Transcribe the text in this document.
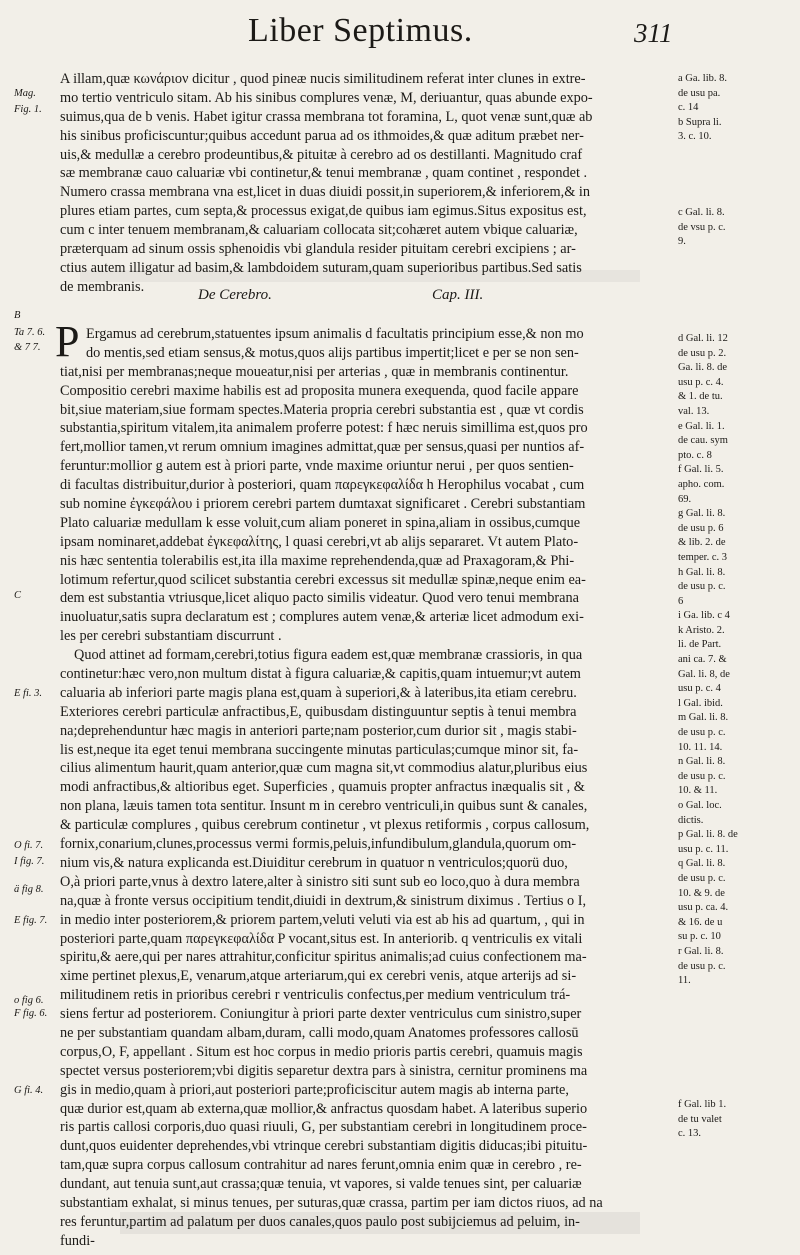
Liber Septimus.	311
A illam,quæ κωνάριον dicitur , quod pineæ nucis similitudinem referat inter clunes in extre-
mo tertio ventriculo sitam. Ab his sinibus complures venæ, M, deriuantur, quas abunde expo-
suimus,qua de b venis. Habet igitur crassa membrana tot foramina, L, quot venæ sunt,quæ ab
his sinibus proficiscuntur;quibus accedunt parua ad os ithmoides,& quæ aditum præbet ner-
uis,& medullæ a cerebro prodeuntibus,& pituitæ à cerebro ad os destillanti. Magnitudo craf
sæ membranæ cauo caluariæ vbi continetur,& tenui membranæ , quam continet , respondet .
Numero crassa membrana vna est,licet in duas diuidi possit,in superiorem,& inferiorem,& in
plures etiam partes, cum septa,& processus exigat,de quibus iam egimus.Situs expositus est,
cum c inter tenuem membranam,& caluariam collocata sit;cohæret autem vbique caluariæ,
præterquam ad sinum ossis sphenoidis vbi glandula resider pituitam cerebri excipiens ; ar-
ctius autem illigatur ad basim,& lambdoidem suturam,quam superioribus partibus.Sed satis
de membranis.
De Cerebro.	Cap. III.
P Ergamus ad cerebrum,statuentes ipsum animalis d facultatis principium esse,& non mo
do mentis,sed etiam sensus,& motus,quos alijs partibus impertit;licet e per se non sen-
tiat,nisi per membranas;neque moueatur,nisi per arterias , quæ in membranis continentur.
Compositio cerebri maxime habilis est ad proposita munera exequenda, quod facile appare
bit,siue materiam,siue formam spectes.Materia propria cerebri substantia est , quæ vt cordis
substantia,spiritum vitalem,ita animalem proferre potest: f hæc neruis simillima est,quos pro
fert,mollior tamen,vt rerum omnium imagines admittat,quæ per sensus,quasi per nuntios af-
feruntur:mollior g autem est à priori parte, vnde maxime oriuntur nerui , per quos sentien-
di facultas distribuitur,durior à posteriori, quam παρεγκεφαλίδα h Herophilus vocabat , cum
sub nomine ἐγκεφάλου i priorem cerebri partem dumtaxat significaret . Cerebri substantiam
Plato caluariæ medullam k esse voluit,cum aliam poneret in spina,aliam in ossibus,cumque
ipsam nominaret,addebat ἐγκεφαλίτης, l quasi cerebri,vt ab alijs separaret. Vt autem Plato-
nis hæc sententia tolerabilis est,ita illa maxime reprehendenda,quæ ad Praxagoram,& Phi-
lotimum refertur,quod scilicet substantia cerebri excessus sit medullæ spinæ,neque enim ea-
dem est substantia vtriusque,licet aliquo pacto similis videatur. Quod vero tenui membrana
inuoluatur,satis supra declaratum est ; complures autem venæ,& arteriæ licet admodum exi-
les per cerebri substantiam discurrunt .
Quod attinet ad formam,cerebri,totius figura eadem est,quæ membranæ crassioris, in qua
continetur:hæc vero,non multum distat à figura caluariæ,& capitis,quam intuemur;vt autem
caluaria ab inferiori parte magis plana est,quam à superiori,& à lateribus,ita etiam cerebru.
Exteriores cerebri particulæ anfractibus,E, quibusdam distinguuntur septis à tenui membra
na;deprehenduntur hæc magis in anteriori parte;nam posterior,cum durior sit , magis stabi-
lis est,neque ita eget tenui membrana succingente minutas particulas;cumque minor sit, fa-
cilius alimentum haurit,quam anterior,quæ cum magna sit,vt commodius alatur,pluribus eius
modi anfractibus,& altioribus eget. Superficies , quamuis propter anfractus inæqualis sit , &
non plana, læuis tamen tota sentitur. Insunt m in cerebro ventriculi,in quibus sunt & canales,
& particulæ complures , quibus cerebrum continetur , vt plexus retiformis , corpus callosum,
fornix,conarium,clunes,processus vermi formis,peluis,infundibulum,glandula,quorum om-
nium vis,& natura explicanda est.Diuiditur cerebrum in quatuor n ventriculos;quorü duo,
O,à priori parte,vnus à dextro latere,alter à sinistro siti sunt sub eo loco,quo à dura membra
na,quæ à fronte versus occipitium tendit,diuidi in dextrum,& sinistrum diximus . Tertius o I,
in medio inter posteriorem,& priorem partem,veluti veluti via est ab his ad quartum, , qui in
posteriori parte,quam παρεγκεφαλίδα P vocant,situs est. In anteriorib. q ventriculis ex vitali
spiritu,& aere,qui per nares attrahitur,conficitur spiritus animalis;ad cuius confectionem ma-
xime pertinet plexus,E, venarum,atque arteriarum,qui ex cerebri venis, atque arterijs ad si-
militudinem retis in prioribus cerebri r ventriculis confectus,per medium ventriculum trá-
siens fertur ad posteriorem. Coniungitur à priori parte dexter ventriculus cum sinistro,super
ne per substantiam quandam albam,duram, calli modo,quam Anatomes professores callosū
corpus,O, F, appellant . Situm est hoc corpus in medio prioris partis cerebri, quamuis magis
spectet versus posteriorem;vbi digitis separetur dextra pars à sinistra, cernitur prominens ma
gis in medio,quam à priori,aut posteriori parte;proficiscitur autem magis ab interna parte,
quæ durior est,quam ab externa,quæ mollior,& anfractus quosdam habet. A lateribus superio
ris partis callosi corporis,duo quasi riuuli, G, per substantiam cerebri in longitudinem proce-
dunt,quos euidenter deprehendes,vbi vtrinque cerebri substantiam digitis diducas;ibi pituitu-
tam,quæ supra corpus callosum contrahitur ad nares ferunt,omnia enim quæ in cerebro , re-
dundant, aut tenuia sunt,aut crassa;quæ tenuia, vt vapores, si valde tenues sint, per caluariæ
substantiam exhalat, si minus tenues, per suturas,quæ crassa, partim per iam dictos riuos, ad na
res feruntur,partim ad palatum per duos canales,quos paulo post subijciemus ad peluim, in-
fundi-
Mag.
Fig. 1.
B
Ta 7. 6.
& 7 7.
C
E fi. 3.
O fi. 7.
I fig. 7.
ä fig 8.
E fig. 7.
o fig 6.
F fig. 6.
G fi. 4.
a Ga. lib. 8.
de usu pa.
c. 14
b Supra li.
3. c. 10.
c Gal. li. 8.
de vsu p. c.
9.
d Gal. li. 12
de usu p. 2.
Ga. li. 8. de
usu p. c. 4.
& 1. de tu.
val. 13.
e Gal. li. 1.
de cau. sym
pto. c. 8
f Gal. li. 5.
apho. com.
69.
g Gal. li. 8.
de usu p. 6
& lib. 2. de
temper. c. 3
h Gal. li. 8.
de usu p. c.
6
i Ga. lib. c 4
k Aristo. 2.
li. de Part.
ani ca. 7. &
Gal. li. 8, de
usu p. c. 4
l Gal. ibid.
m Gal. li. 8.
de usu p. c.
10. 11. 14.
n Gal. li. 8.
de usu p. c.
10. & 11.
o Gal. loc.
dictis.
p Gal. li. 8. de
usu p. c. 11.
q Gal. li. 8.
de usu p. c.
10. & 9. de
usu p. ca. 4.
& 16. de u
su p. c. 10
r Gal. li. 8.
de usu p. c.
11.
f Gal. lib 1.
de tu valet
c. 13.
